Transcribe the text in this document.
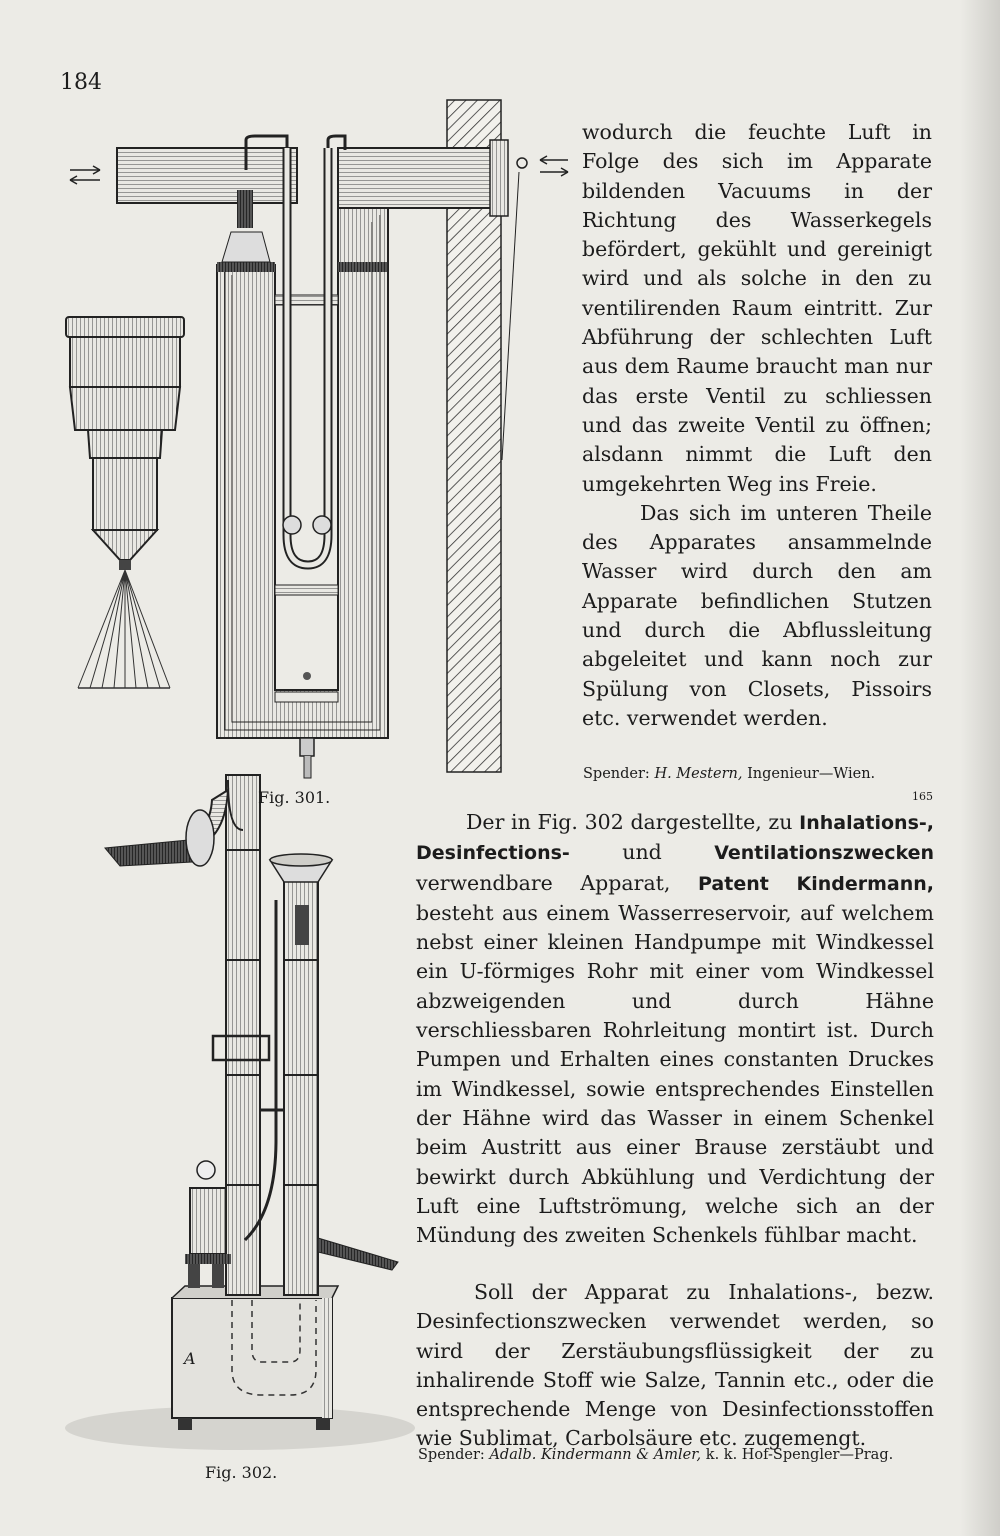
184
A

wodurch die feuchte Luft in Folge des sich im Apparate bildenden Vacuums in der Richtung des Wasserkegels befördert, gekühlt und gereinigt wird und als solche in den zu ventilirenden Raum eintritt. Zur Abführung der schlechten Luft aus dem Raume braucht man nur das erste Ventil zu schliessen und das zweite Ventil zu öffnen; alsdann nimmt die Luft den umgekehrten Weg ins Freie.

Das sich im unteren Theile des Apparates ansammelnde Wasser wird durch den am Apparate befindlichen Stutzen und durch die Abflussleitung abgeleitet und kann noch zur Spülung von Closets, Pissoirs etc. verwendet werden.

Spender: H. Mestern, Ingenieur—Wien.
165
Fig. 301.
Der in Fig. 302 dargestellte, zu Inhalations-, Desinfections- und Ventilationszwecken verwendbare Apparat, Patent Kindermann, besteht aus einem Wasserreservoir, auf welchem nebst einer kleinen Handpumpe mit Windkessel ein U-förmiges Rohr mit einer vom Windkessel abzweigenden und durch Hähne verschliessbaren Rohrleitung montirt ist. Durch Pumpen und Erhalten eines constanten Druckes im Windkessel, sowie entsprechendes Einstellen der Hähne wird das Wasser in einem Schenkel beim Austritt aus einer Brause zerstäubt und bewirkt durch Abkühlung und Verdichtung der Luft eine Luftströmung, welche sich an der Mündung des zweiten Schenkels fühlbar macht.
Soll der Apparat zu Inhalations-, bezw. Desinfectionszwecken verwendet werden, so wird der Zerstäubungsflüssigkeit der zu inhalirende Stoff wie Salze, Tannin etc., oder die entsprechende Menge von Desinfectionsstoffen wie Sublimat, Carbolsäure etc. zugemengt.
Spender: Adalb. Kindermann & Amler, k. k. Hof-Spengler—Prag.
Fig. 302.
